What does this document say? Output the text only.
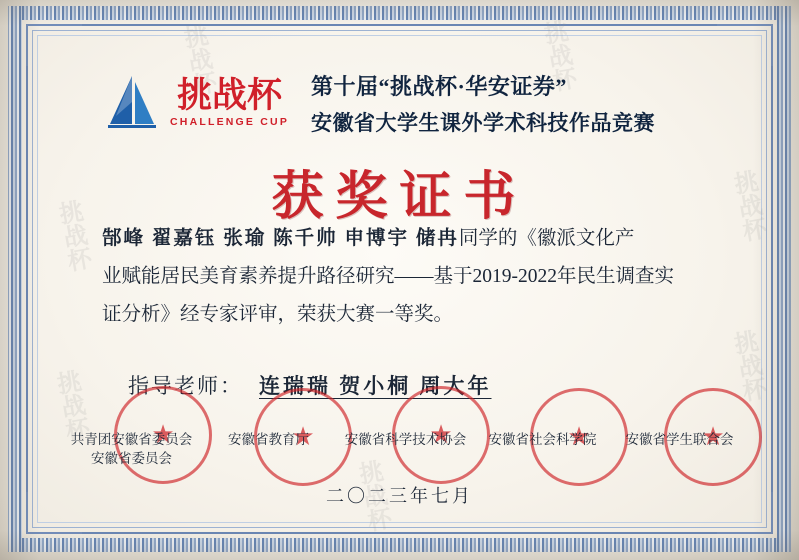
挑战杯
CHALLENGE CUP
第十届“挑战杯·华安证券”
安徽省大学生课外学术科技作品竞赛
获奖证书
郜峰 翟嘉钰 张瑜 陈千帅 申博宇 储冉同学的《徽派文化产
业赋能居民美育素养提升路径研究——基于2019-2022年民生调查实
证分析》经专家评审，荣获大赛一等奖。
指导老师： 连瑞瑞 贺小桐 周大年
★
★
★
★
★
共青团安徽省委员会
安徽省委员会
安徽省教育厅	安徽省科学技术协会	安徽省社会科学院	安徽省学生联合会
二〇二三年七月
